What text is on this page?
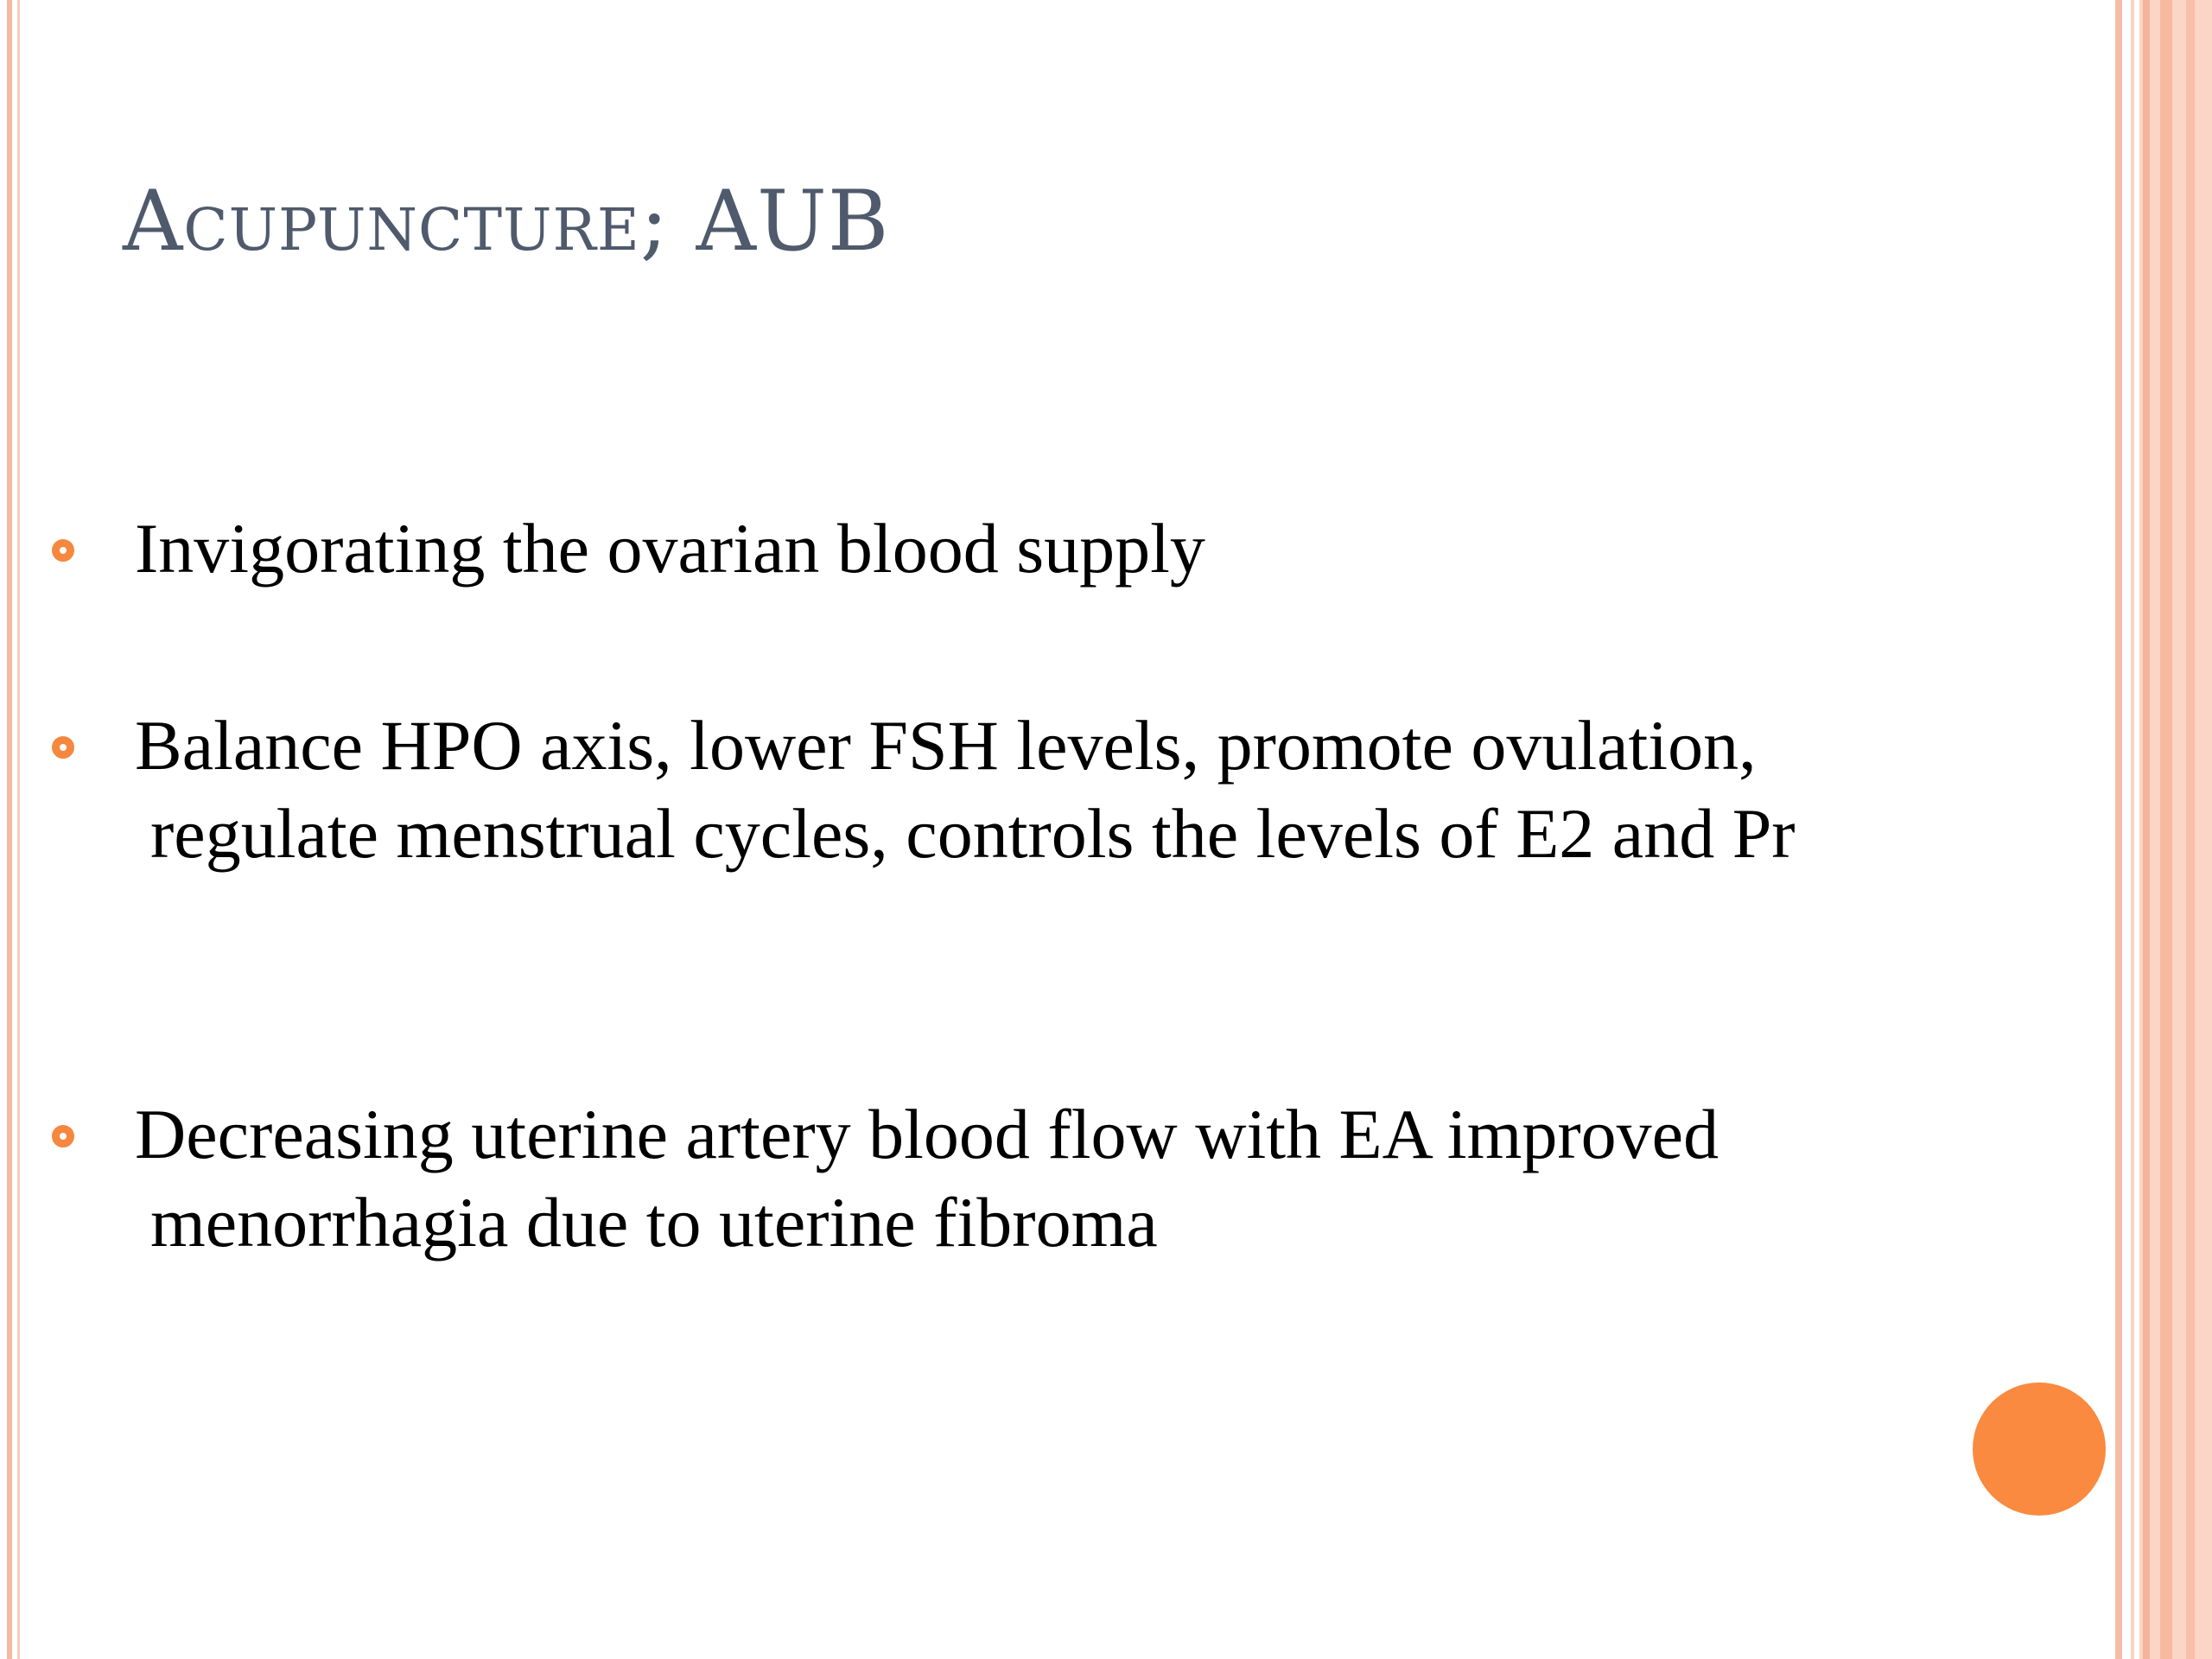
Acupuncture; AUB

Invigorating the ovarian blood supply

Balance HPO axis, lower FSH levels, promote ovulation, regulate menstrual cycles, controls the levels of E2 and Pr

Decreasing uterine artery blood flow with EA improved menorrhagia due to uterine fibroma
